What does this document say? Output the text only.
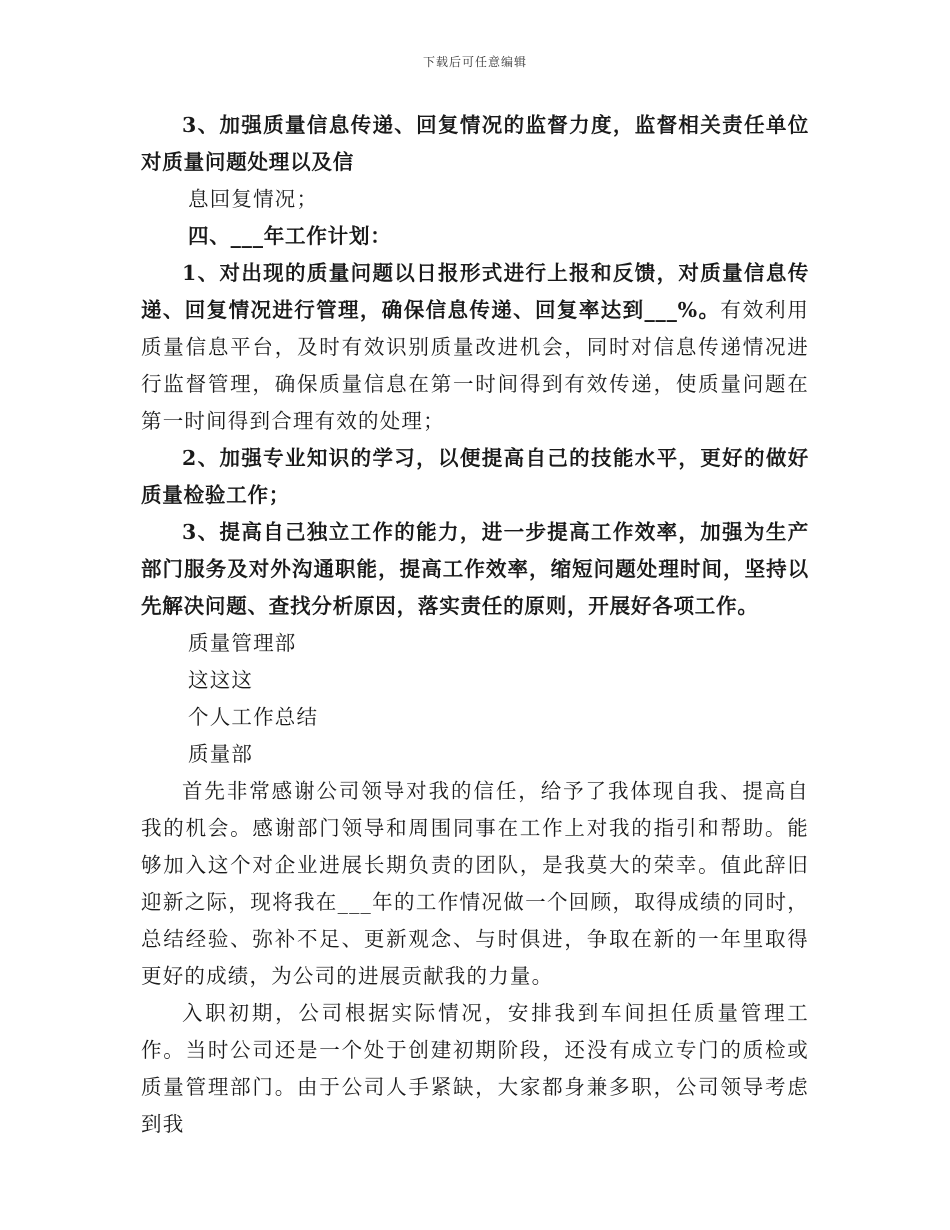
下载后可任意编辑

3、加强质量信息传递、回复情况的监督力度，监督相关责任单位对质量问题处理以及信

息回复情况；

四、___年工作计划：

1、对出现的质量问题以日报形式进行上报和反馈，对质量信息传递、回复情况进行管理，确保信息传递、回复率达到___%。有效利用质量信息平台，及时有效识别质量改进机会，同时对信息传递情况进行监督管理，确保质量信息在第一时间得到有效传递，使质量问题在第一时间得到合理有效的处理；

2、加强专业知识的学习，以便提高自己的技能水平，更好的做好质量检验工作；

3、提高自己独立工作的能力，进一步提高工作效率，加强为生产部门服务及对外沟通职能，提高工作效率，缩短问题处理时间，坚持以先解决问题、查找分析原因，落实责任的原则，开展好各项工作。

质量管理部

这这这

个人工作总结

质量部

首先非常感谢公司领导对我的信任，给予了我体现自我、提高自我的机会。感谢部门领导和周围同事在工作上对我的指引和帮助。能够加入这个对企业进展长期负责的团队，是我莫大的荣幸。值此辞旧迎新之际，现将我在___年的工作情况做一个回顾，取得成绩的同时，总结经验、弥补不足、更新观念、与时俱进，争取在新的一年里取得更好的成绩，为公司的进展贡献我的力量。

入职初期，公司根据实际情况，安排我到车间担任质量管理工作。当时公司还是一个处于创建初期阶段，还没有成立专门的质检或质量管理部门。由于公司人手紧缺，大家都身兼多职，公司领导考虑到我
